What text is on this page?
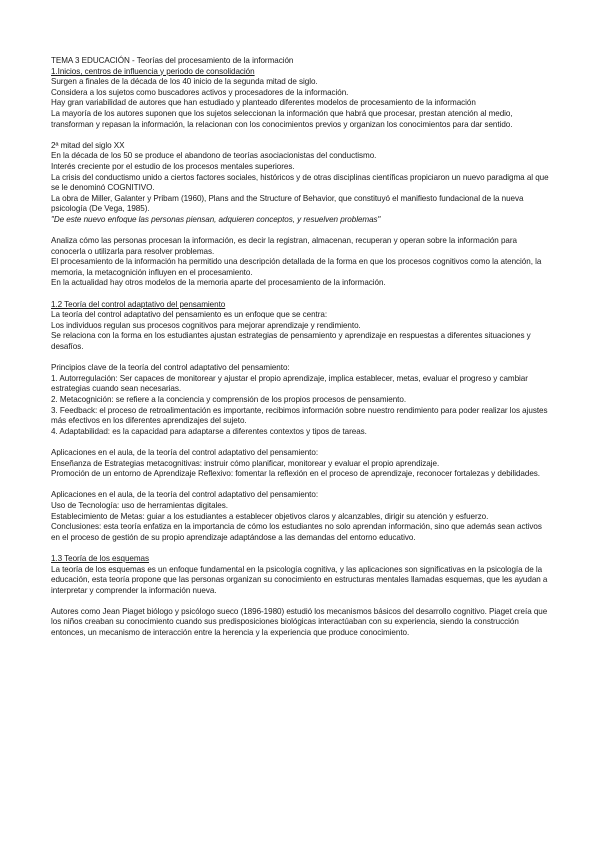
TEMA 3 EDUCACIÓN - Teorías del procesamiento de la información

1.Inicios, centros de influencia y periodo de consolidación

Surgen a finales de la década de los 40 inicio de la segunda mitad de siglo.

Considera a los sujetos como buscadores activos y procesadores de la información.

Hay gran variabilidad de autores que han estudiado y planteado diferentes modelos de procesamiento de la información

La mayoría de los autores suponen que los sujetos seleccionan la información que habrá que procesar, prestan atención al medio, transforman y repasan la información, la relacionan con los conocimientos previos y organizan los conocimientos para dar sentido.

2ª mitad del siglo XX

En la década de los 50 se produce el abandono de teorías asociacionistas del conductismo.

Interés creciente por el estudio de los procesos mentales superiores.

La crisis del conductismo unido a ciertos factores sociales, históricos y de otras disciplinas científicas propiciaron un nuevo paradigma al que se le denominó COGNITIVO.

La obra de Miller, Galanter y Pribam (1960), Plans and the Structure of Behavior, que constituyó el manifiesto fundacional de la nueva psicología (De Vega, 1985).

"De este nuevo enfoque las personas piensan, adquieren conceptos, y resuelven problemas"

Analiza cómo las personas procesan la información, es decir la registran, almacenan, recuperan y operan sobre la información para conocerla o utilizarla para resolver problemas.

El procesamiento de la información ha permitido una descripción detallada de la forma en que los procesos cognitivos como la atención, la memoria, la metacognición influyen en el procesamiento.

En la actualidad hay otros modelos de la memoria aparte del procesamiento de la información.

1.2 Teoría del control adaptativo del pensamiento

La teoría del control adaptativo del pensamiento es un enfoque que se centra:

Los individuos regulan sus procesos cognitivos para mejorar aprendizaje y rendimiento.

Se relaciona con la forma en los estudiantes ajustan estrategias de pensamiento y aprendizaje en respuestas a diferentes situaciones y desafíos.

Principios clave de la teoría del control adaptativo del pensamiento:

1. Autorregulación: Ser capaces de monitorear y ajustar el propio aprendizaje, implica establecer, metas, evaluar el progreso y cambiar estrategias cuando sean necesarias.

2. Metacognición: se refiere a la conciencia y comprensión de los propios procesos de pensamiento.

3. Feedback: el proceso de retroalimentación es importante, recibimos información sobre nuestro rendimiento para poder realizar los ajustes más efectivos en los diferentes aprendizajes del sujeto.

4. Adaptabilidad: es la capacidad para adaptarse a diferentes contextos y tipos de tareas.

Aplicaciones en el aula, de la teoría del control adaptativo del pensamiento:

Enseñanza de Estrategias metacognitivas: instruir cómo planificar, monitorear y evaluar el propio aprendizaje.

Promoción de un entorno de Aprendizaje Reflexivo: fomentar la reflexión en el proceso de aprendizaje, reconocer fortalezas y debilidades.

Aplicaciones en el aula, de la teoría del control adaptativo del pensamiento:

Uso de Tecnología: uso de herramientas digitales.

Establecimiento de Metas: guiar a los estudiantes a establecer objetivos claros y alcanzables, dirigir su atención y esfuerzo.

Conclusiones: esta teoría enfatiza en la importancia de cómo los estudiantes no solo aprendan información, sino que además sean activos en el proceso de gestión de su propio aprendizaje adaptándose a las demandas del entorno educativo.

1.3 Teoría de los esquemas

La teoría de los esquemas es un enfoque fundamental en la psicología cognitiva, y las aplicaciones son significativas en la psicología de la educación, esta teoría propone que las personas organizan su conocimiento en estructuras mentales llamadas esquemas, que les ayudan a interpretar y comprender la información nueva.

Autores como Jean Piaget biólogo y psicólogo sueco (1896-1980) estudió los mecanismos básicos del desarrollo cognitivo. Piaget creía que los niños creaban su conocimiento cuando sus predisposiciones biológicas interactúaban con su experiencia, siendo la construcción entonces, un mecanismo de interacción entre la herencia y la experiencia que produce conocimiento.
